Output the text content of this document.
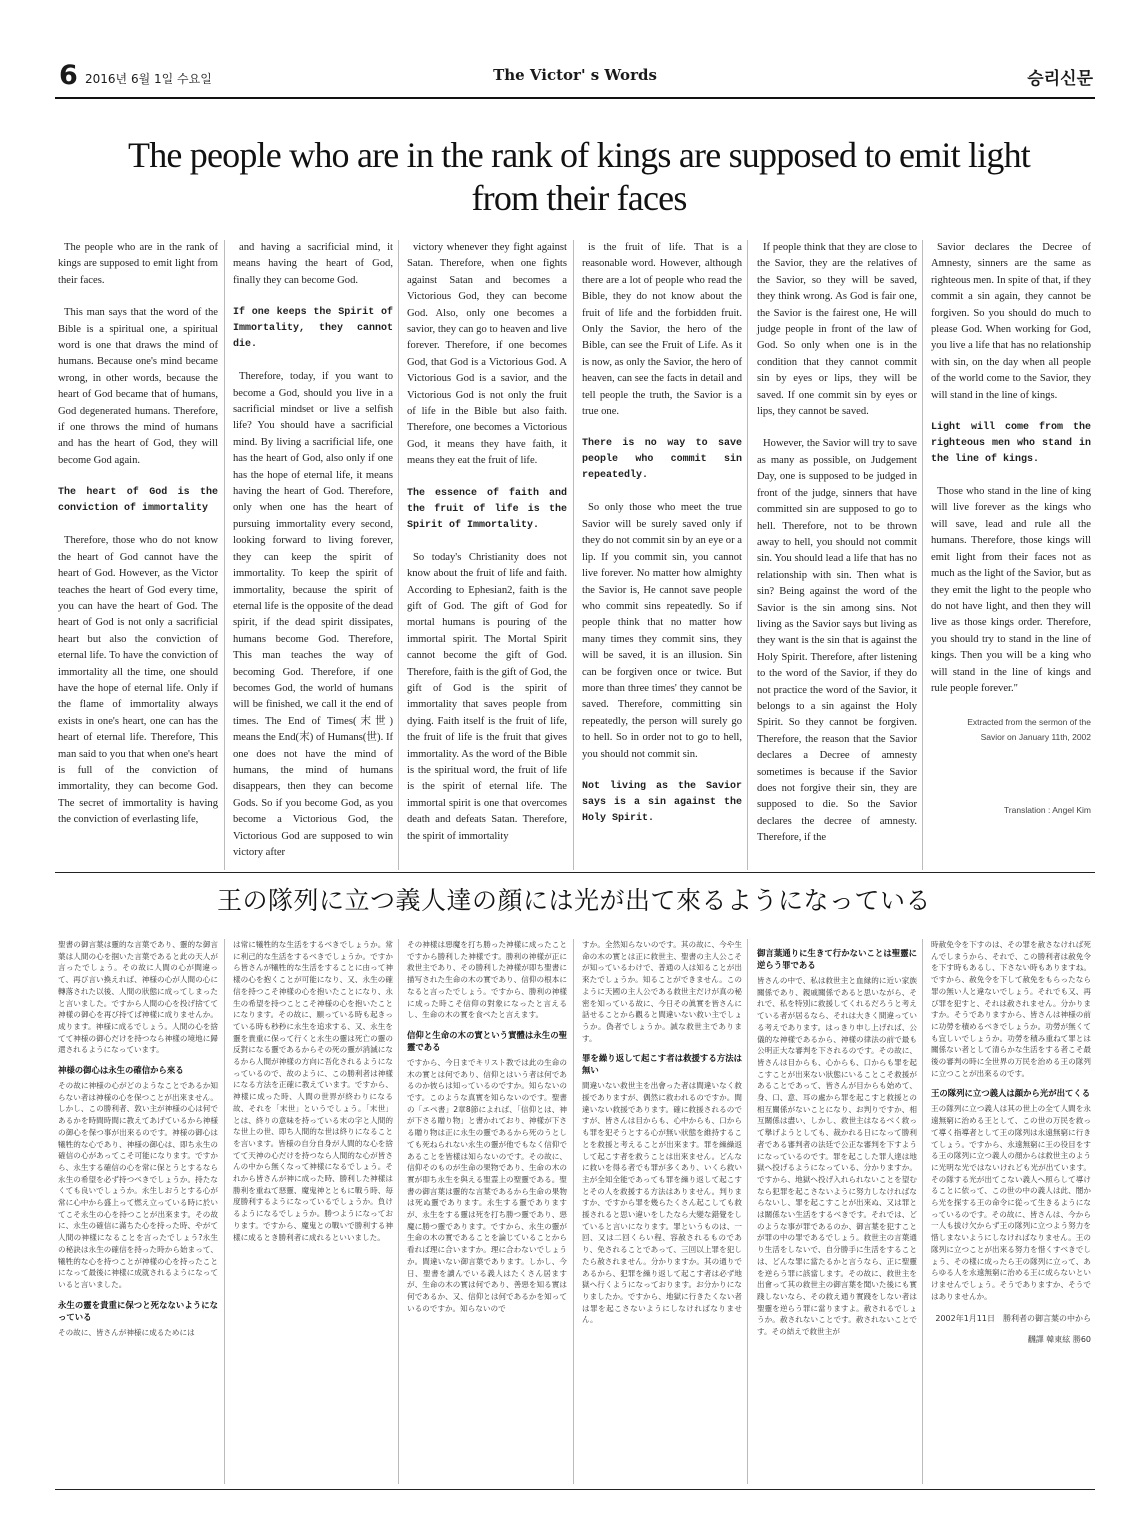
6 2016년 6월 1일 수요일	The Victor' s Words	승리신문
The people who are in the rank of kings are supposed to emit light from their faces

The people who are in the rank of kings are supposed to emit light from their faces.

This man says that the word of the Bible is a spiritual one, a spiritual word is one that draws the mind of humans. Because one's mind became wrong, in other words, because the heart of God became that of humans, God degenerated humans. Therefore, if one throws the mind of humans and has the heart of God, they will become God again.

The heart of God is the conviction of immortality

Therefore, those who do not know the heart of God cannot have the heart of God. However, as the Victor teaches the heart of God every time, you can have the heart of God. The heart of God is not only a sacrificial heart but also the conviction of eternal life. To have the conviction of immortality all the time, one should have the hope of eternal life. Only if the flame of immortality always exists in one's heart, one can has the heart of eternal life. Therefore, This man said to you that when one's heart is full of the conviction of immortality, they can become God. The secret of immortality is having the conviction of everlasting life,

and having a sacrificial mind, it means having the heart of God, finally they can become God.

If one keeps the Spirit of Immortality, they cannot die.

Therefore, today, if you want to become a God, should you live in a sacrificial mindset or live a selfish life? You should have a sacrificial mind. By living a sacrificial life, one has the heart of God, also only if one has the hope of eternal life, it means having the heart of God. Therefore, only when one has the heart of pursuing immortality every second, looking forward to living forever, they can keep the spirit of immortality. To keep the spirit of immortality, because the spirit of eternal life is the opposite of the dead spirit, if the dead spirit dissipates, humans become God. Therefore, This man teaches the way of becoming God. Therefore, if one becomes God, the world of humans will be finished, we call it the end of times. The End of Times(末世) means the End(末) of Humans(世). If one does not have the mind of humans, the mind of humans disappears, then they can become Gods. So if you become God, as you become a Victorious God, the Victorious God are supposed to win victory after

victory whenever they fight against Satan. Therefore, when one fights against Satan and becomes a Victorious God, they can become God. Also, only one becomes a savior, they can go to heaven and live forever. Therefore, if one becomes God, that God is a Victorious God. A Victorious God is a savior, and the Victorious God is not only the fruit of life in the Bible but also faith. Therefore, one becomes a Victorious God, it means they have faith, it means they eat the fruit of life.

The essence of faith and the fruit of life is the Spirit of Immortality.

So today's Christianity does not know about the fruit of life and faith. According to Ephesian2, faith is the gift of God. The gift of God for mortal humans is pouring of the immortal spirit. The Mortal Spirit cannot become the gift of God. Therefore, faith is the gift of God, the gift of God is the spirit of immortality that saves people from dying. Faith itself is the fruit of life, the fruit of life is the fruit that gives immortality. As the word of the Bible is the spiritual word, the fruit of life is the spirit of eternal life. The immortal spirit is one that overcomes death and defeats Satan. Therefore, the spirit of immortality

is the fruit of life. That is a reasonable word. However, although there are a lot of people who read the Bible, they do not know about the fruit of life and the forbidden fruit. Only the Savior, the hero of the Bible, can see the Fruit of Life. As it is now, as only the Savior, the hero of heaven, can see the facts in detail and tell people the truth, the Savior is a true one.

There is no way to save people who commit sin repeatedly.

So only those who meet the true Savior will be surely saved only if they do not commit sin by an eye or a lip. If you commit sin, you cannot live forever. No matter how almighty the Savior is, He cannot save people who commit sins repeatedly. So if people think that no matter how many times they commit sins, they will be saved, it is an illusion. Sin can be forgiven once or twice. But more than three times' they cannot be saved. Therefore, committing sin repeatedly, the person will surely go to hell. So in order not to go to hell, you should not commit sin.

Not living as the Savior says is a sin against the Holy Spirit.

If people think that they are close to the Savior, they are the relatives of the Savior, so they will be saved, they think wrong. As God is fair one, the Savior is the fairest one, He will judge people in front of the law of God. So only when one is in the condition that they cannot commit sin by eyes or lips, they will be saved. If one commit sin by eyes or lips, they cannot be saved.

However, the Savior will try to save as many as possible, on Judgement Day, one is supposed to be judged in front of the judge, sinners that have committed sin are supposed to go to hell. Therefore, not to be thrown away to hell, you should not commit sin. You should lead a life that has no relationship with sin. Then what is sin? Being against the word of the Savior is the sin among sins. Not living as the Savior says but living as they want is the sin that is against the Holy Spirit. Therefore, after listening to the word of the Savior, if they do not practice the word of the Savior, it belongs to a sin against the Holy Spirit. So they cannot be forgiven. Therefore, the reason that the Savior declares a Decree of amnesty sometimes is because if the Savior does not forgive their sin, they are supposed to die. So the Savior declares the decree of amnesty. Therefore, if the

Savior declares the Decree of Amnesty, sinners are the same as righteous men. In spite of that, if they commit a sin again, they cannot be forgiven. So you should do much to please God. When working for God, you live a life that has no relationship with sin, on the day when all people of the world come to the Savior, they will stand in the line of kings.

Light will come from the righteous men who stand in the line of kings.

Those who stand in the line of king will live forever as the kings who will save, lead and rule all the humans. Therefore, those kings will emit light from their faces not as much as the light of the Savior, but as they emit the light to the people who do not have light, and then they will live as those kings order. Therefore, you should try to stand in the line of kings. Then you will be a king who will stand in the line of kings and rule people forever."

Extracted from the sermon of the
Savior on January 11th, 2002
Translation : Angel Kim
王の隊列に立つ義人達の顔には光が出て來るようになっている

聖書の御言葉は靈的な言葉であり、靈的な御言葉は人間の心を掴いた言葉であると此の天人が言ったでしょう。その故に人間の心が間違って、再び言い換えれば、神様の心が人間の心に轉落された以後、人間の狀態に成ってしまったと言いました。ですから人間の心を投げ捨てて神樣の御心を再び持てば神樣に成りませんか。成ります。神様に成るでしょう。人間の心を捨てて神様の御心だけを持つなら神樣の境地に歸還されるようになっています。

神様の御心は永生の確信から來る

その故に神様の心がどのようなことであるか知らない者は神様の心を保つことが出來ません。しかし、この勝利者、敦い主が神様の心は何であるかを時間時間に教えてあげているから神様の御心を保つ事が出來るのです。神様の御心は犧牲的な心であり、神様の御心は、即ち永生の確信の心があってこそ可能になります。ですから、永生する確信の心を常に保とうとするなら永生の希望を必ず持つべきでしょうか。持たなくても良いでしょうか。永生しおうとする心が常に心中から盛上って燃え立っている時に於いてこそ永生の心を持つことが出來ます。その故に、永生の確信に滿ちた心を持った時、やがて人間の神樣になることを言ったでしょう?永生の秘訣は永生の確信を持った時から始まって、犧牲的な心を持つことが神樣の心を持ったことになって最後に神樣に成就されるようになっていると言いました。

永生の靈を貴重に保つと死なないようになっている

その故に、皆さんが神様に成るためには

は常に犧牲的な生活をするべきでしょうか。常に利己的な生活をするべきでしょうか。ですから皆さんが犧牲的な生活をすることに由って神樣の心を抱くことが可能になり、又、永生の確信を持つこそ神樣の心を抱いたことになり、永生の希望を持つことこそ神様の心を抱いたことになります。その故に、願っている時も起きっている時も秒秒に永生を追求する、又、永生を靈を貴重に保って行くと永生の靈は死亡の靈の反對になる靈であるからその死の靈が消滅になるから人間が神樣の方向に吾化されるようになっているので、故のように、この勝利者は神樣になる方法を正確に教えています。ですから、神樣に成った時、人間の世界が終わりになる故、それを「末世」というでしょう。「末世」とは、終りの意味を持っている末の字と人間的な世上の世、即ち人間的な世は終りになることを言います。皆様の自分自身が人間的な心を捨てて天神の心だけを持つなら人間的な心が皆さんの中から無くなって神樣になるでしょう。それから皆さんが神に成った時、勝利した神樣は勝利を重ねて惡靈、魔鬼神とともに戰う時、毎度勝利するようになっているでしょうか。負けるようになるでしょうか。勝つようになっております。ですから、魔鬼との戰いで勝利する神樣に成るとき勝利者に成れるといいました。

その神樣は惡魔を打ち勝った神樣に成ったことですから勝利した神樣です。勝利の神樣が正に救世主であり、その勝利した神樣が即ち聖書に描写された生命の木の實であり、信仰の根本になると言ったでしょう。ですから、勝利の神樣に成った時こそ信仰の對象になったと言えるし、生命の木の實を食べたと言えます。

信仰と生命の木の實という實體は永生の聖靈である

ですから、今日までキリスト教では此の生命の木の實とは何であり、信仰とはいう者は何であるのか彼らは知っているのですか。知らないのです。このような真實を知らないのです。聖書の「エペ書」2章8節によれば、「信仰とは、神が下さる贈り物」と書かれており、神樣が下さる贈り物は正に永生の靈であるから死のうとしても死ねられない永生の靈が他でもなく信仰であることを皆樣は知らないのです。その故に、信仰そのものが生命の果物であり、生命の木の實が即ち永生を與える聖霊上の聖靈である。聖書の御言葉は靈的な言葉であるから生命の果物は死ぬ靈であります。永生する靈でありますが、永生をする靈は死を打ち勝つ靈であり、惡魔に勝つ靈であります。ですから、永生の靈が生命の木の實であることを論じていることから看れば理に合いますか。理に合わないでしょうか。間違いない御言葉であります。しかし、今日、聖書を讀んでいる義人はたくさん居ますが、生命の木の實は何であり、善惡を知る實は何であるか、又、信仰とは何であるかを知っているのですか。知らないので

すか。全然知らないのです。其の故に、今や生命の木の實とは正に救世主、聖書の主人公こそが知っているわけで、普通の人は知ることが出來たでしょうか。知ることができません。このように天國の主人公である救世主だけが真の秘密を知っている故に、今日その眞實を皆さんに話せることから觀ると間違いない救い主でしょうか。偽者でしょうか。誠な救世主であります。

罪を繰り返して起こす者は救援する方法は無い

間違いない救世主を出會った者は間違いなく救援でありますが、偶然に救われるのですか。間違いない救援であります。確に救援されるのですが、皆さんは目からも、心中からも、口からも罪を犯そうとする心が無い狀態を維持することを救援と考えることが出來ます。罪を繰繰返して起こす者を救うことは出來ません。どんなに救いを得る者でも罪が多くあり、いくら救い主が全知全能であっても罪を繰り返して起こすとその人を救援する方法はありません。判りますか、ですから罪を幾らたくさん起こしても救援されると思い違いをしたなら大變な錯覺をしていると言いになります。罪というものは、一回、又は二回くらい程、容赦されるものであり、免されることであって、三回以上罪を犯したら赦されません。分かりますか。其の通りであるから、犯罪を繰り返して起こす者は必ず地獄へ行くようになっております。お分かりになりましたか。ですから、地獄に行きたくない者は罪を起こさないようにしなければなりません。

御言葉通りに生きて行かないことは聖靈に逆らう罪である

皆さんの中で、私は救世主と血縁的に近い家族關係であり、親戚關係であると思いながら、それで、私を特別に救援してくれるだろうと考えている者が居るなら、それは大きく間違っている考えであります。はっきり申し上げれば、公儀的な神樣であるから、神樣の律法の前で最も公明正大な審判を下されるのです。その故に、皆さんは目からも、心からも、口からも罪を起こすことが出來ない狀態にいることこそ救援があることであって、皆さんが目からも始めて、身、口、意、耳の處から罪を起こすと救援との相互關係がないことになり、お判りですか、相互關係は盡い、しかし、救世主はなるべく救って擧げようとしても、裁かれる日になって勝利者である審判者の法廷で公正な審判を下すようになっているのです。罪を起こした罪人達は地獄へ投げるようになっている、分かりますか。ですから、地獄へ投げ入れられないことを望むなら犯罪を起こさないように努力しなければならないし、罪を起こすことが出來ぬ、又は罪とは關係ない生活をするべきです。それでは、どのような事が罪であるのか、御言葉を犯すことが罪の中の罪であるでしょう。救世主の言葉通り生活をしないで、自分勝手に生活をすることは、どんな罪に當たるかと言うなら、正に聖靈を逆らう罪に該當します。その故に、救世主を出會って其の救世主の御言葉を聞いた後にも實踐しないなら、その救え通り實踐をしない者は聖靈を逆らう罪に當りますよ。赦されるでしょうか。赦されないことです。赦されないことです。その結えで救世主が

時赦免令を下すのは、その罪を赦さなければ死んでしまうから、それで、この勝利者は赦免令を下す時もあるし、下さない時もありますね。ですから、赦免令を下して赦免をもらったなら罪の無い人と違ないでしょう。それでも又、再び罪を犯すと、それは赦されません。分かりますか。そうでありますから、皆さんは神様の前に功勞を積めるべきでしょうか。功勞が無くても宜しいでしょうか。功勞を積み重ねて罪とは關係ない者として清らかな生活をする者こそ最後の審判の時に全世界の万民を治める王の隊列に立つことが出來るのです。

王の隊列に立つ義人は顔から光が出てくる

王の隊列に立つ義人は其の世上の全て人間を永遠無窮に治める王として、この世の万民を救って導く指導者として王の隊列は永遠無窮に行きてしょう。ですから、永遠無窮に王の役目をする王の隊列に立つ義人の顔からは救世主のように光明な光ではないけれども光が出ています。その隊する光が出てこない義人へ照らして導けることに依って、この世の中の義人は此、闇から光を探する王の命令に從って生きるようになっているのです。その故に、皆さんは、今から一人も拔け欠からず王の隊列に立つよう努力を惜しまないようにしなければなりません。王の隊列に立つことが出來る努力を惜くすべきでしょう、その樣に成ったら王の隊列に立って、あらゆる人を永遠無窮に治める王に成らないといけませんでしょう。そうでありますか、そうではありませんか。

2002年1月11日　勝利者の御言葉の中から
飜譯 韓東絃 勝60
